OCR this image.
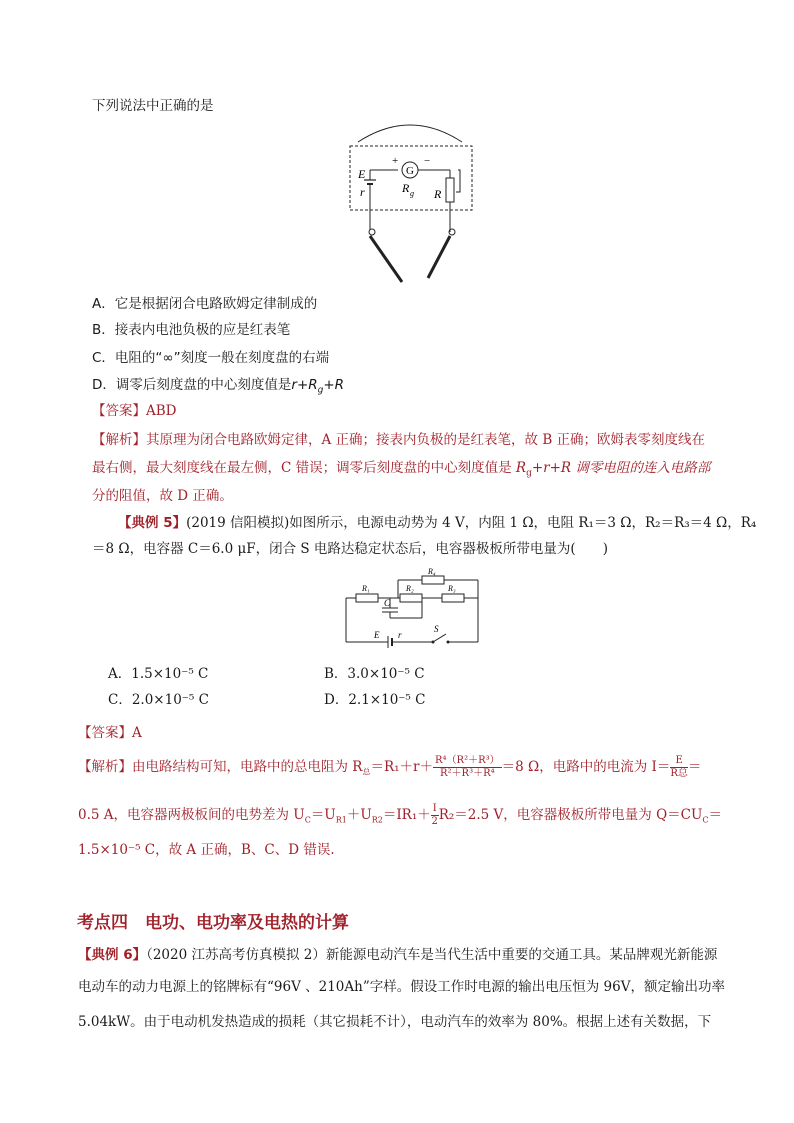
下列说法中正确的是
G
+ −
E
r	R g R
A．它是根据闭合电路欧姆定律制成的
B．接表内电池负极的应是红表笔
C．电阻的“∞”刻度一般在刻度盘的右端
D．调零后刻度盘的中心刻度值是$r+R_g+R$
【答案】ABD
【解析】其原理为闭合电路欧姆定律，A 正确；接表内负极的是红表笔，故 B 正确；欧姆表零刻度线在
最右侧，最大刻度线在最左侧，C 错误；调零后刻度盘的中心刻度值是 $R_g+r+R$ 调零电阻的连入电路部
分的阻值，故 D 正确。
【典例 5】(2019 信阳模拟)如图所示，电源电动势为 4 V，内阻 1 Ω，电阻 R₁＝3 Ω，R₂＝R₃＝4 Ω，R₄
＝8 Ω，电容器 C＝6.0 μF，闭合 S 电路达稳定状态后，电容器极板所带电量为(　　)
R₄
R₁	R₂	R₃
C
E r
S
A．1.5×10⁻⁵ C	B．3.0×10⁻⁵ C
C．2.0×10⁻⁵ C	D．2.1×10⁻⁵ C
【答案】A
【解析】由电路结构可知，电路中的总电阻为 $R_总=R_1+r+ \frac{\text{R⁴（R²＋R³）}}{\text{R²＋R³＋R⁴}} =8$ Ω，电路中的电流为 $I= \frac{E}{\text{R总}}$ ＝
0.5 A，电容器两极板间的电势差为 $U_C=U_{R1}+U_{R2}=IR_1+ \frac{I}{2} R_2=2.5$ V，电容器极板所带电量为 $Q=CU_C=$
1.5×10⁻⁵ C，故 A 正确，B、C、D 错误.
考点四　电功、电功率及电热的计算
【典例 6】（2020 江苏高考仿真模拟 2）新能源电动汽车是当代生活中重要的交通工具。某品牌观光新能源
电动车的动力电源上的铭牌标有“96V 、210Ah”字样。假设工作时电源的输出电压恒为 96V，额定输出功率
5.04kW。由于电动机发热造成的损耗（其它损耗不计），电动汽车的效率为 80%。根据上述有关数据，下
